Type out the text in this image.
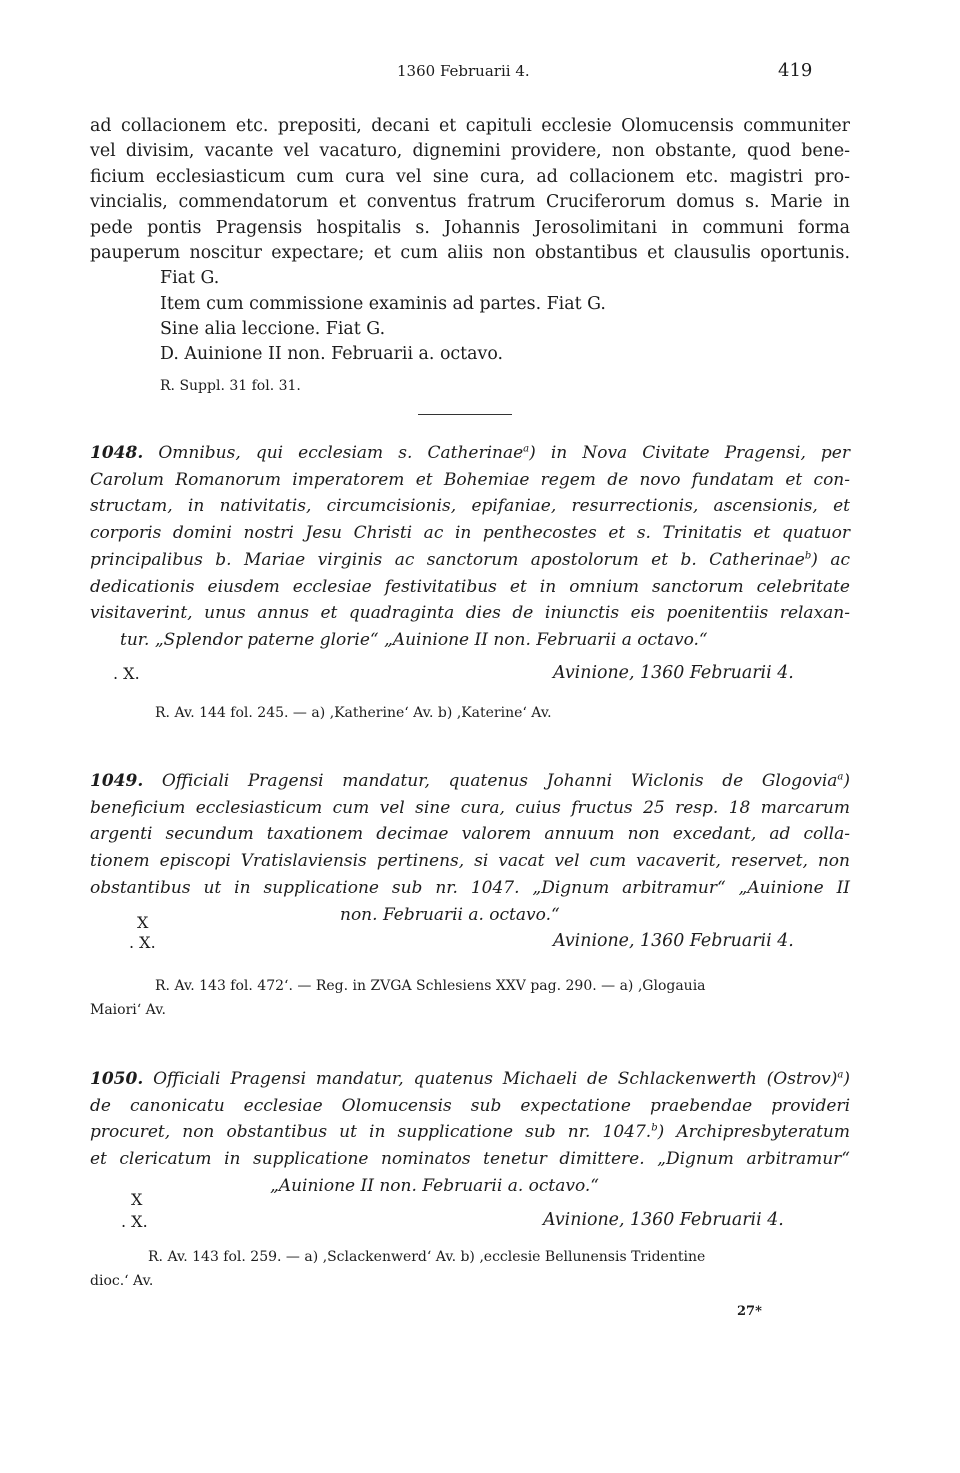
1360 Februarii 4.	419
ad collacionem etc. prepositi, decani et capituli ecclesie Olomucensis communiter
vel divisim, vacante vel vacaturo, dignemini providere, non obstante, quod bene-
ficium ecclesiasticum cum cura vel sine cura, ad collacionem etc. magistri pro-
vincialis, commendatorum et conventus fratrum Cruciferorum domus s. Marie in
pede pontis Pragensis hospitalis s. Johannis Jerosolimitani in communi forma
pauperum noscitur expectare; et cum aliis non obstantibus et clausulis oportunis.
Fiat G.
Item cum commissione examinis ad partes. Fiat G.
Sine alia leccione. Fiat G.
D. Auinione II non. Februarii a. octavo.
R. Suppl. 31 fol. 31.
1048. Omnibus, qui ecclesiam s. Catherinae$^a$) in Nova Civitate Pragensi, per
Carolum Romanorum imperatorem et Bohemiae regem de novo fundatam et con-
structam, in nativitatis, circumcisionis, epifaniae, resurrectionis, ascensionis, et
corporis domini nostri Jesu Christi ac in penthecostes et s. Trinitatis et quatuor
principalibus b. Mariae virginis ac sanctorum apostolorum et b. Catherinae$^b$) ac
dedicationis eiusdem ecclesiae festivitatibus et in omnium sanctorum celebritate
visitaverint, unus annus et quadraginta dies de iniunctis eis poenitentiis relaxan-
tur. „Splendor paterne glorie“ „Auinione II non. Februarii a octavo.“
. X.	Avinione, 1360 Februarii 4.
R. Av. 144 fol. 245. — a) ‚Katherine‘ Av. b) ‚Katerine‘ Av.
1049. Officiali Pragensi mandatur, quatenus Johanni Wiclonis de Glogovia$^a$)
beneficium ecclesiasticum cum vel sine cura, cuius fructus 25 resp. 18 marcarum
argenti secundum taxationem decimae valorem annuum non excedant, ad colla-
tionem episcopi Vratislaviensis pertinens, si vacat vel cum vacaverit, reservet, non
obstantibus ut in supplicatione sub nr. 1047. „Dignum arbitramur“ „Auinione II
non. Februarii a. octavo.“
X
. X.	Avinione, 1360 Februarii 4.
R. Av. 143 fol. 472‘. — Reg. in ZVGA Schlesiens XXV pag. 290. — a) ‚Glogauia
Maiori‘ Av.
1050. Officiali Pragensi mandatur, quatenus Michaeli de Schlackenwerth (Ostrov)$^a$)
de canonicatu ecclesiae Olomucensis sub expectatione praebendae provideri
procuret, non obstantibus ut in supplicatione sub nr. 1047.$^b$) Archipresbyteratum
et clericatum in supplicatione nominatos tenetur dimittere. „Dignum arbitramur“
„Auinione II non. Februarii a. octavo.“
X
. X.	Avinione, 1360 Februarii 4.
R. Av. 143 fol. 259. — a) ‚Sclackenwerd‘ Av. b) ‚ecclesie Bellunensis Tridentine
dioc.‘ Av.
27*
